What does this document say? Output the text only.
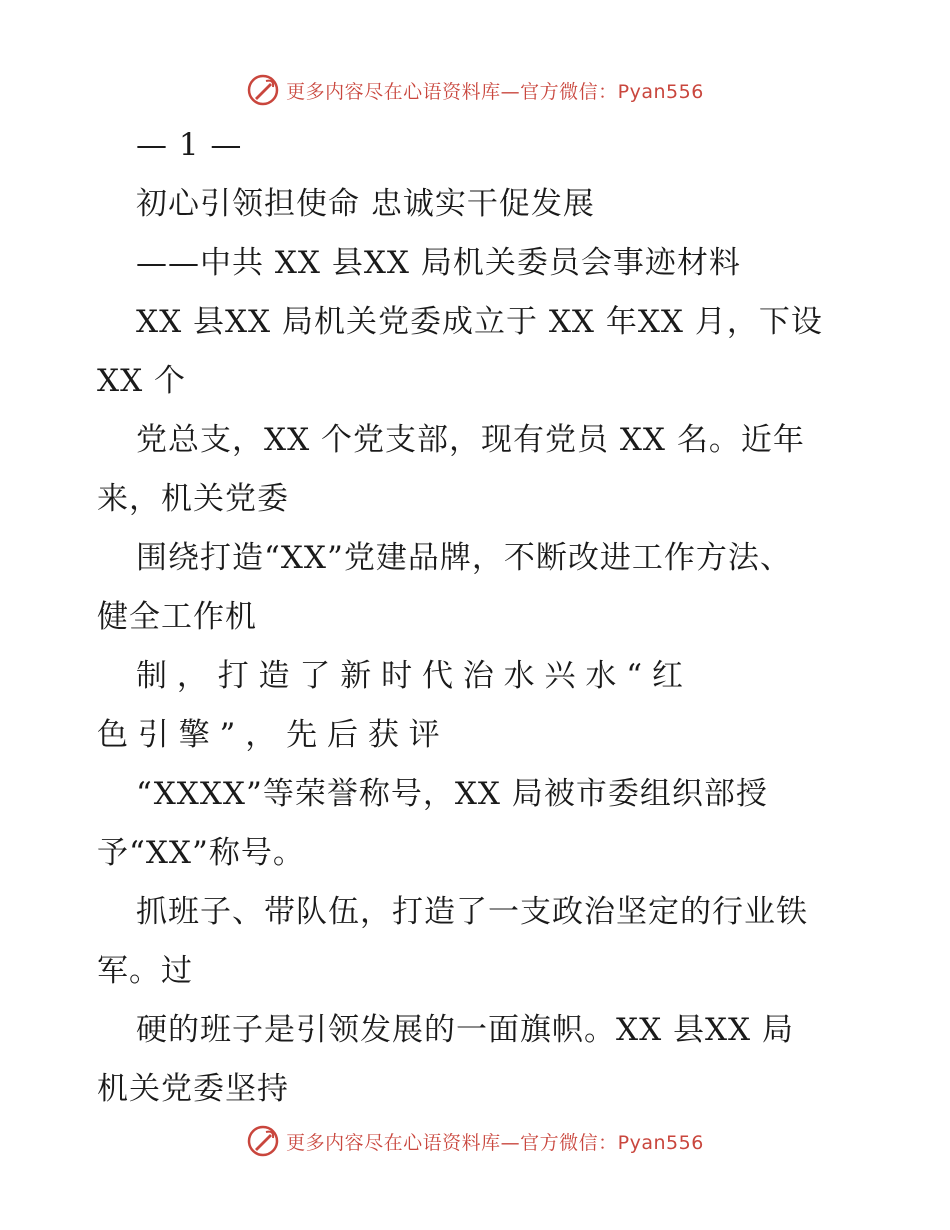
更多内容尽在心语资料库—官方微信：Pyan556
— 1 —
初心引领担使命 忠诚实干促发展
——中共 XX 县XX 局机关委员会事迹材料
XX 县XX 局机关党委成立于 XX 年XX 月，下设
XX 个
党总支，XX 个党支部，现有党员 XX 名。近年
来，机关党委
围绕打造“XX”党建品牌，不断改进工作方法、
健全工作机
制 ， 打 造 了 新 时 代 治 水 兴 水 “ 红
色 引 擎 ” ， 先 后 获 评
“XXXX”等荣誉称号，XX 局被市委组织部授
予“XX”称号。
抓班子、带队伍，打造了一支政治坚定的行业铁
军。过
硬的班子是引领发展的一面旗帜。XX 县XX 局
机关党委坚持
更多内容尽在心语资料库—官方微信：Pyan556
